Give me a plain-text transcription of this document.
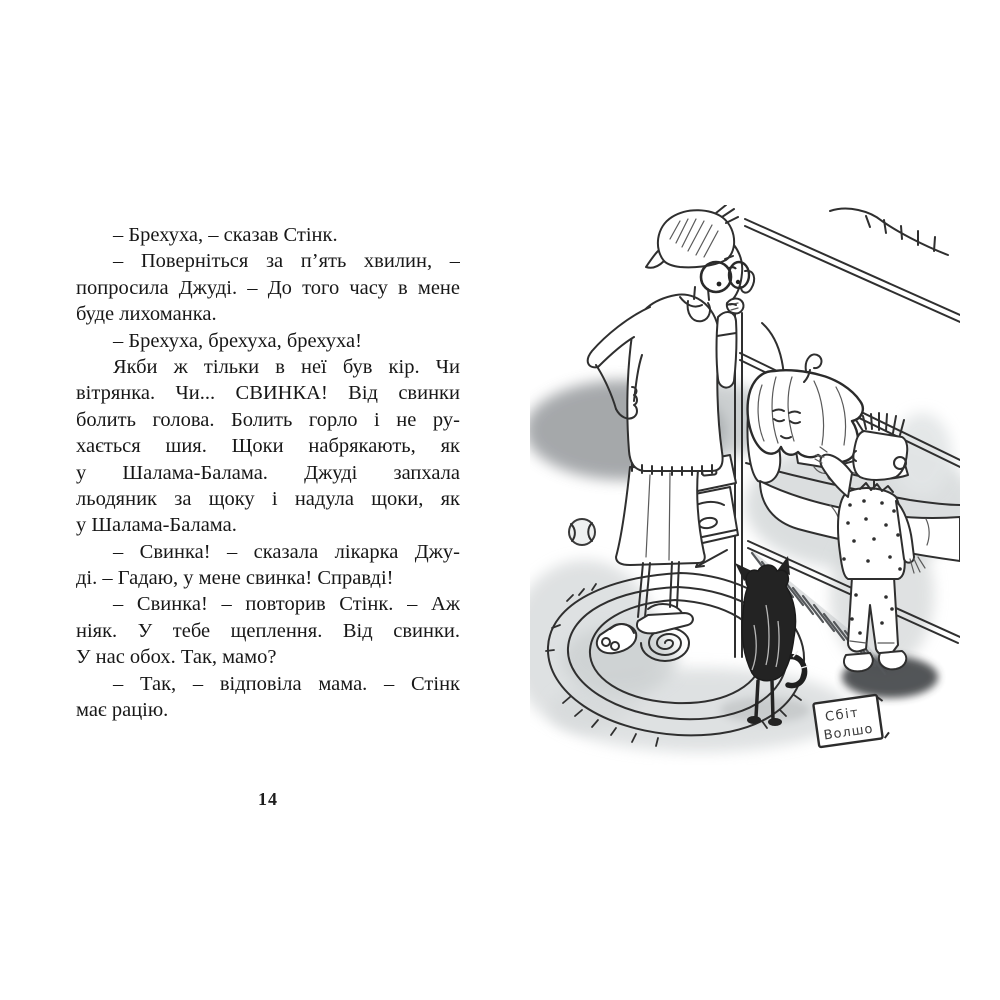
– Брехуха, – сказав Стінк.
– Поверніться за п’ять хвилин, –
попросила Джуді. – До того часу в мене
буде лихоманка.
– Брехуха, брехуха, брехуха!
Якби ж тільки в неї був кір. Чи
вітрянка. Чи... СВИНКА! Від свинки
болить голова. Болить горло і не ру-
хається шия. Щоки набрякають, як
у Шалама-Балама. Джуді запхала
льодяник за щоку і надула щоки, як
у Шалама-Балама.
– Свинка! – сказала лікарка Джу-
ді. – Гадаю, у мене свинка! Справді!
– Свинка! – повторив Стінк. – Аж
ніяк. У тебе щеплення. Від свинки.
У нас обох. Так, мамо?
– Так, – відповіла мама. – Стінк
має рацію.
14
Сбіт
Волшо
